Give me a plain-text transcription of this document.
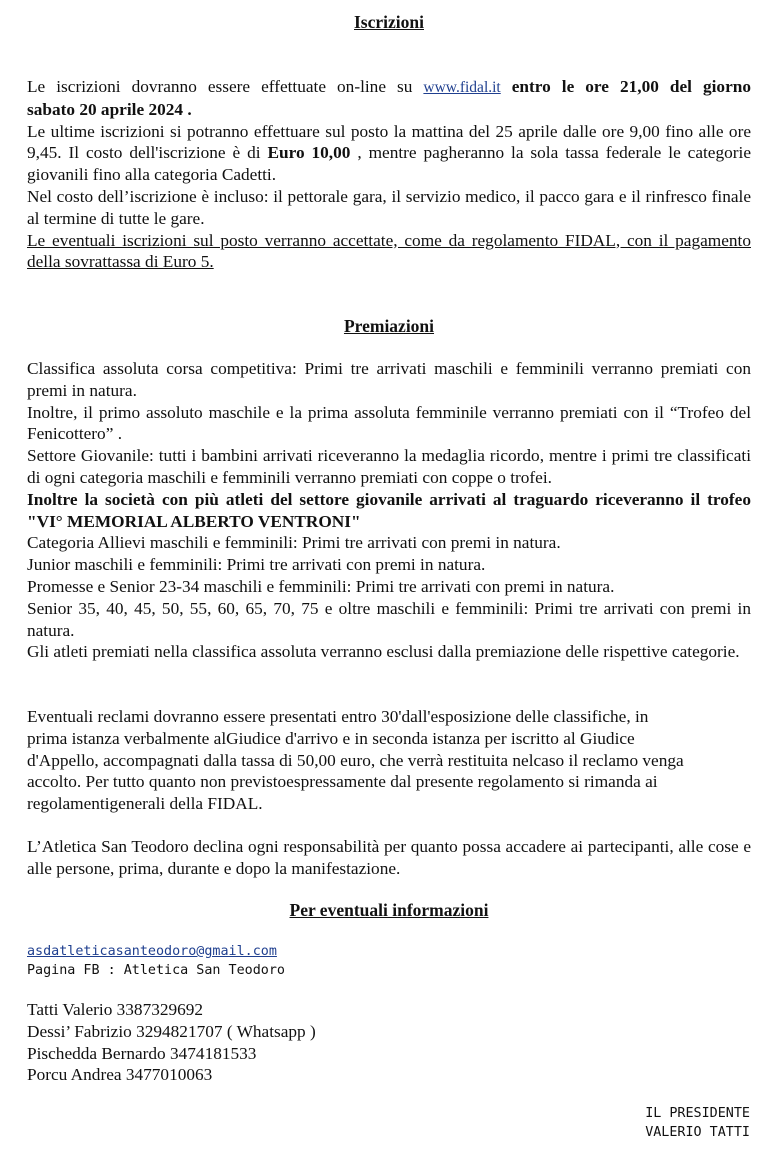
Iscrizioni

Le iscrizioni dovranno essere effettuate on-line su www.fidal.it entro le ore 21,00 del giorno

sabato 20 aprile 2024 .

Le ultime iscrizioni si potranno effettuare sul posto la mattina del 25 aprile dalle ore 9,00 fino alle ore 9,45. Il costo dell'iscrizione è di Euro 10,00 , mentre pagheranno la sola tassa federale le categorie giovanili fino alla categoria Cadetti.

Nel costo dell’iscrizione è incluso: il pettorale gara, il servizio medico, il pacco gara e il rinfresco finale al termine di tutte le gare.

Le eventuali iscrizioni sul posto verranno accettate, come da regolamento FIDAL, con il pagamento della sovrattassa di Euro 5.

Premiazioni

Classifica assoluta corsa competitiva: Primi tre arrivati maschili e femminili verranno premiati con premi in natura.

Inoltre, il primo assoluto maschile e la prima assoluta femminile verranno premiati con il “Trofeo del Fenicottero” .

Settore Giovanile: tutti i bambini arrivati riceveranno la medaglia ricordo, mentre i primi tre classificati di ogni categoria maschili e femminili verranno premiati con coppe o trofei.

Inoltre la società con più atleti del settore giovanile arrivati al traguardo riceveranno il trofeo "VI° MEMORIAL ALBERTO VENTRONI"

Categoria Allievi maschili e femminili: Primi tre arrivati con premi in natura.

Junior maschili e femminili: Primi tre arrivati con premi in natura.

Promesse e Senior 23-34 maschili e femminili: Primi tre arrivati con premi in natura.

Senior 35, 40, 45, 50, 55, 60, 65, 70, 75 e oltre maschili e femminili: Primi tre arrivati con premi in natura.

Gli atleti premiati nella classifica assoluta verranno esclusi dalla premiazione delle rispettive categorie.

Eventuali reclami dovranno essere presentati entro 30'dall'esposizione delle classifiche, in
prima istanza verbalmente alGiudice d'arrivo e in seconda istanza per iscritto al Giudice
d'Appello, accompagnati dalla tassa di 50,00 euro, che verrà restituita nelcaso il reclamo venga
accolto. Per tutto quanto non previstoespressamente dal presente regolamento si rimanda ai
regolamentigenerali della FIDAL.

L’Atletica San Teodoro declina ogni responsabilità per quanto possa accadere ai partecipanti, alle cose e alle persone, prima, durante e dopo la manifestazione.

Per eventuali informazioni
asdatleticasanteodoro@gmail.com
Pagina FB : Atletica San Teodoro
Tatti Valerio 3387329692
Dessi’ Fabrizio 3294821707 ( Whatsapp )
Pischedda Bernardo 3474181533
Porcu Andrea 3477010063
IL PRESIDENTE
VALERIO TATTI
